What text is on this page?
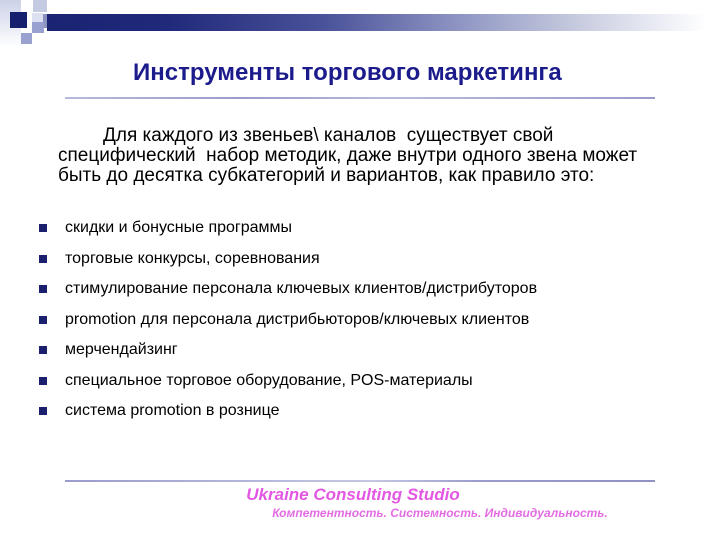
Инструменты торгового маркетинга
Для каждого из звеньев\ каналов  существует свой
специфический  набор методик, даже внутри одного звена может
быть до десятка субкатегорий и вариантов, как правило это:
скидки и бонусные программы
торговые конкурсы, соревнования
стимулирование персонала ключевых клиентов/дистрибуторов
promotion для персонала дистрибьюторов/ключевых клиентов
мерчендайзинг
специальное торговое оборудование, POS-материалы
система promotion в рознице
Ukraine Consulting Studio
Компетентность. Системность. Индивидуальность.
